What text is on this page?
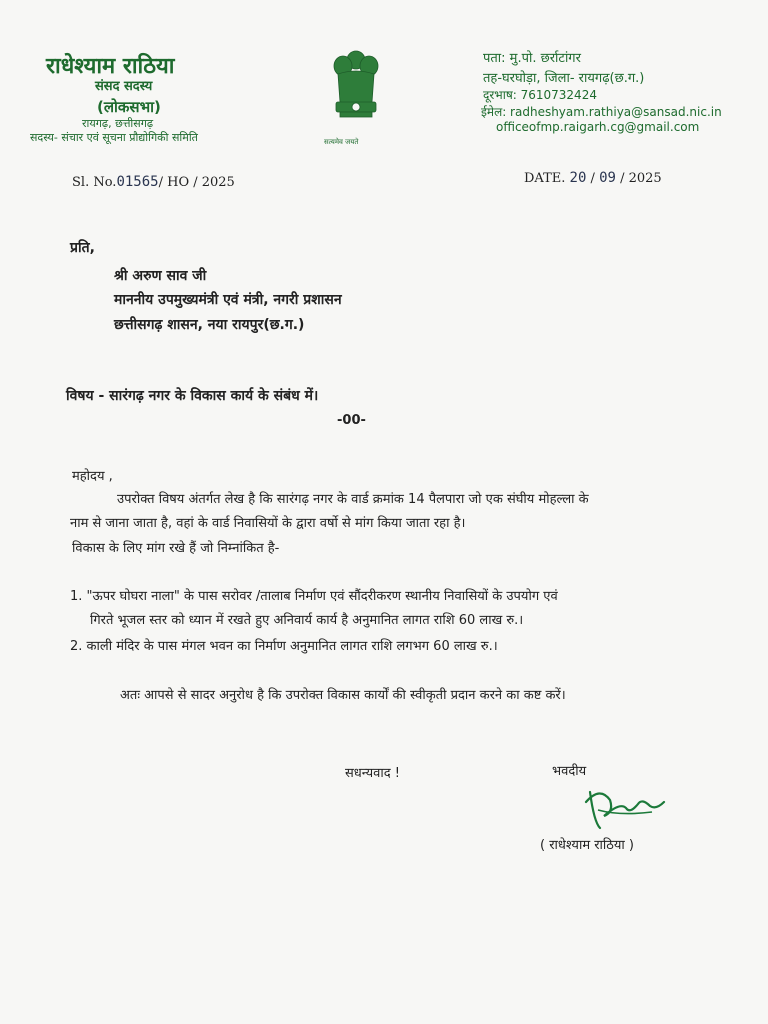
राधेश्याम राठिया
संसद सदस्य
(लोकसभा)
रायगढ़, छत्तीसगढ़
सदस्य- संचार एवं सूचना प्रौद्योगिकी समिति	सत्यमेव जयते
पता: मु.पो. छर्राटांगर
तह-घरघोड़ा, जिला- रायगढ़(छ.ग.)
दूरभाष: 7610732424
ईमेल: radheshyam.rathiya@sansad.nic.in
officeofmp.raigarh.cg@gmail.com
Sl. No.01565/ HO / 2025	DATE. 20 / 09 / 2025
प्रति,
श्री अरुण साव जी
माननीय उपमुख्यमंत्री एवं मंत्री, नगरी प्रशासन
छत्तीसगढ़ शासन, नया रायपुर(छ.ग.)
विषय - सारंगढ़ नगर के विकास कार्य के संबंध में।
-00-
महोदय ,
उपरोक्त विषय अंतर्गत लेख है कि सारंगढ़ नगर के वार्ड क्रमांक 14 पैलपारा जो एक संघीय मोहल्ला के
नाम से जाना जाता है, वहां के वार्ड निवासियों के द्वारा वर्षो से मांग किया जाता रहा है।
विकास के लिए मांग रखे हैं जो निम्नांकित है-
1. "ऊपर घोघरा नाला" के पास सरोवर /तालाब निर्माण एवं सौंदरीकरण स्थानीय निवासियों के उपयोग एवं
गिरते भूजल स्तर को ध्यान में रखते हुए अनिवार्य कार्य है अनुमानित लागत राशि 60 लाख रु.।
2. काली मंदिर के पास मंगल भवन का निर्माण अनुमानित लागत राशि लगभग 60 लाख रु.।
अतः आपसे से सादर अनुरोध है कि उपरोक्त विकास कार्यों की स्वीकृती प्रदान करने का कष्ट करें।
सधन्यवाद !	भवदीय
( राधेश्याम राठिया )
